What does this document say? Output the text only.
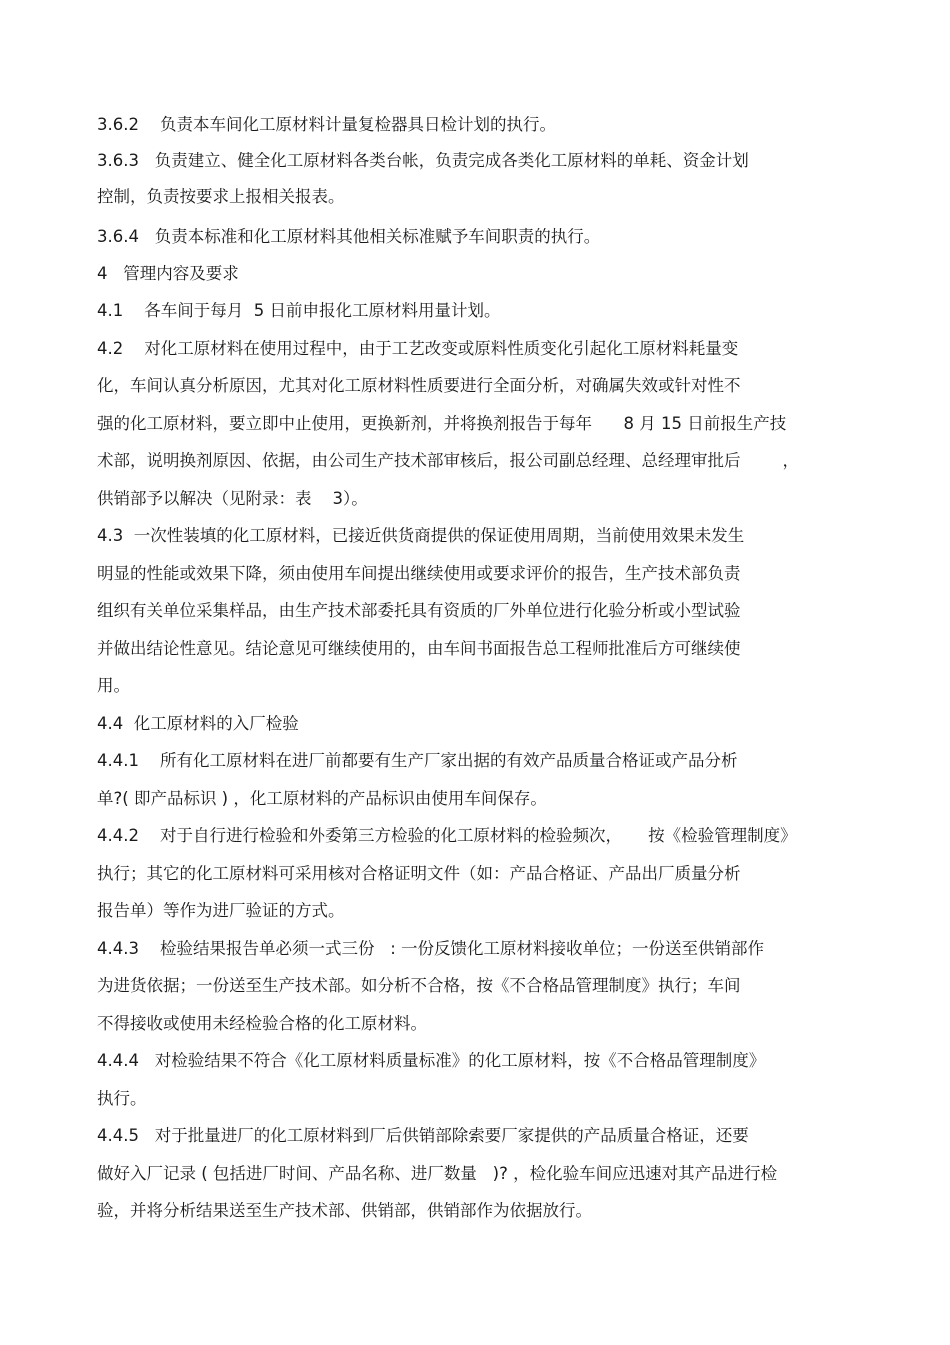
3.6.2    负责本车间化工原材料计量复检器具日检计划的执行。
3.6.3   负责建立、健全化工原材料各类台帐，负责完成各类化工原材料的单耗、资金计划
控制，负责按要求上报相关报表。
3.6.4   负责本标准和化工原材料其他相关标准赋予车间职责的执行。
4   管理内容及要求
4.1    各车间于每月  5 日前申报化工原材料用量计划。
4.2    对化工原材料在使用过程中，由于工艺改变或原料性质变化引起化工原材料耗量变
化，车间认真分析原因，尤其对化工原材料性质要进行全面分析，对确属失效或针对性不
强的化工原材料，要立即中止使用，更换新剂，并将换剂报告于每年      8 月 15 日前报生产技
术部，说明换剂原因、依据，由公司生产技术部审核后，报公司副总经理、总经理审批后        ，
供销部予以解决（见附录：表    3）。
4.3  一次性装填的化工原材料，已接近供货商提供的保证使用周期，当前使用效果未发生
明显的性能或效果下降，须由使用车间提出继续使用或要求评价的报告，生产技术部负责
组织有关单位采集样品，由生产技术部委托具有资质的厂外单位进行化验分析或小型试验
并做出结论性意见。结论意见可继续使用的，由车间书面报告总工程师批准后方可继续使
用。
4.4  化工原材料的入厂检验
4.4.1    所有化工原材料在进厂前都要有生产厂家出据的有效产品质量合格证或产品分析
单?( 即产品标识 ) ，化工原材料的产品标识由使用车间保存。
4.4.2    对于自行进行检验和外委第三方检验的化工原材料的检验频次，     按《检验管理制度》
执行；其它的化工原材料可采用核对合格证明文件（如：产品合格证、产品出厂质量分析
报告单）等作为进厂验证的方式。
4.4.3    检验结果报告单必须一式三份   : 一份反馈化工原材料接收单位；一份送至供销部作
为进货依据；一份送至生产技术部。如分析不合格，按《不合格品管理制度》执行；车间
不得接收或使用未经检验合格的化工原材料。
4.4.4   对检验结果不符合《化工原材料质量标准》的化工原材料，按《不合格品管理制度》
执行。
4.4.5   对于批量进厂的化工原材料到厂后供销部除索要厂家提供的产品质量合格证，还要
做好入厂记录 ( 包括进厂时间、产品名称、进厂数量   )? ，检化验车间应迅速对其产品进行检
验，并将分析结果送至生产技术部、供销部，供销部作为依据放行。
